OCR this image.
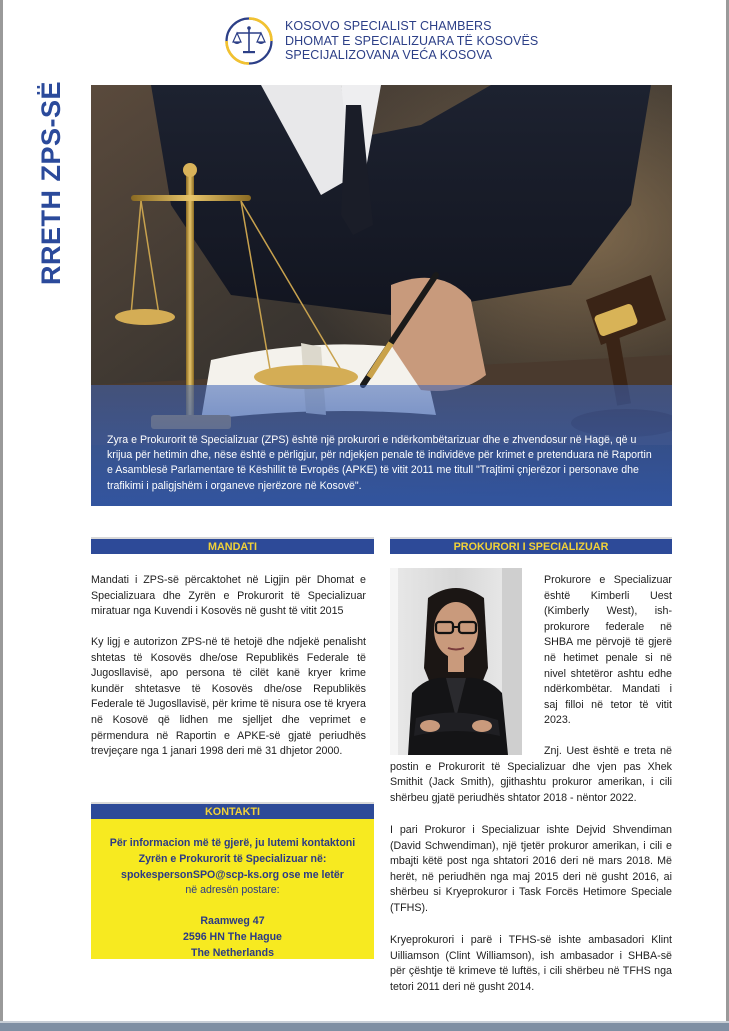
KOSOVO SPECIALIST CHAMBERS
DHOMAT E SPECIALIZUARA TË KOSOVËS
SPECIJALIZOVANA VEĆA KOSOVA
RRETH ZPS-SË
Zyra e Prokurorit të Specializuar (ZPS) është një prokurori e ndërkombëtarizuar dhe e zhvendosur në Hagë, që u krijua për hetimin dhe, nëse është e përligjur, për ndjekjen penale të individëve për krimet e pretenduara në Raportin e Asamblesë Parlamentare të Këshillit të Evropës (APKE) të vitit 2011 me titull "Trajtimi çnjerëzor i personave dhe trafikimi i paligjshëm i organeve njerëzore në Kosovë".
MANDATI
Mandati i ZPS-së përcaktohet në Ligjin për Dhomat e Specializuara dhe Zyrën e Prokurorit të Specializuar miratuar nga Kuvendi i Kosovës në gusht të vitit 2015
Ky ligj e autorizon ZPS-në të hetojë dhe ndjekë penalisht shtetas të Kosovës dhe/ose Republikës Federale të Jugosllavisë, apo persona të cilët kanë kryer krime kundër shtetasve të Kosovës dhe/ose Republikës Federale të Jugosllavisë, për krime të nisura ose të kryera në Kosovë që lidhen me sjelljet dhe veprimet e përmendura në Raportin e APKE-së gjatë periudhës trevjeçare nga 1 janari 1998 deri më 31 dhjetor 2000.
KONTAKTI
Për informacion më të gjerë, ju lutemi kontaktoni
Zyrën e Prokurorit të Specializuar në:
spokespersonSPO@scp-ks.org ose me letër
në adresën postare:
Raamweg 47
2596 HN The Hague
The Netherlands
PROKURORI I SPECIALIZUAR
Prokurore e Specializuar është Kimberli Uest (Kimberly West), ish-prokurore federale në SHBA me përvojë të gjerë në hetimet penale si në nivel shtetëror ashtu edhe ndërkombëtar. Mandati i saj filloi në tetor të vitit 2023.
Znj. Uest është e treta në postin e Prokurorit të Specializuar dhe vjen pas Xhek Smithit (Jack Smith), gjithashtu prokuror amerikan, i cili shërbeu gjatë periudhës shtator 2018 - nëntor 2022.
I pari Prokuror i Specializuar ishte Dejvid Shvendiman (David Schwendiman), një tjetër prokuror amerikan, i cili e mbajti këtë post nga shtatori 2016 deri në mars 2018. Më herët, në periudhën nga maj 2015 deri në gusht 2016, ai shërbeu si Kryeprokuror i Task Forcës Hetimore Speciale (TFHS).
Kryeprokurori i parë i TFHS-së ishte ambasadori Klint Uilliamson (Clint Williamson), ish ambasador i SHBA-së për çështje të krimeve të luftës, i cili shërbeu në TFHS nga tetori 2011 deri në gusht 2014.
